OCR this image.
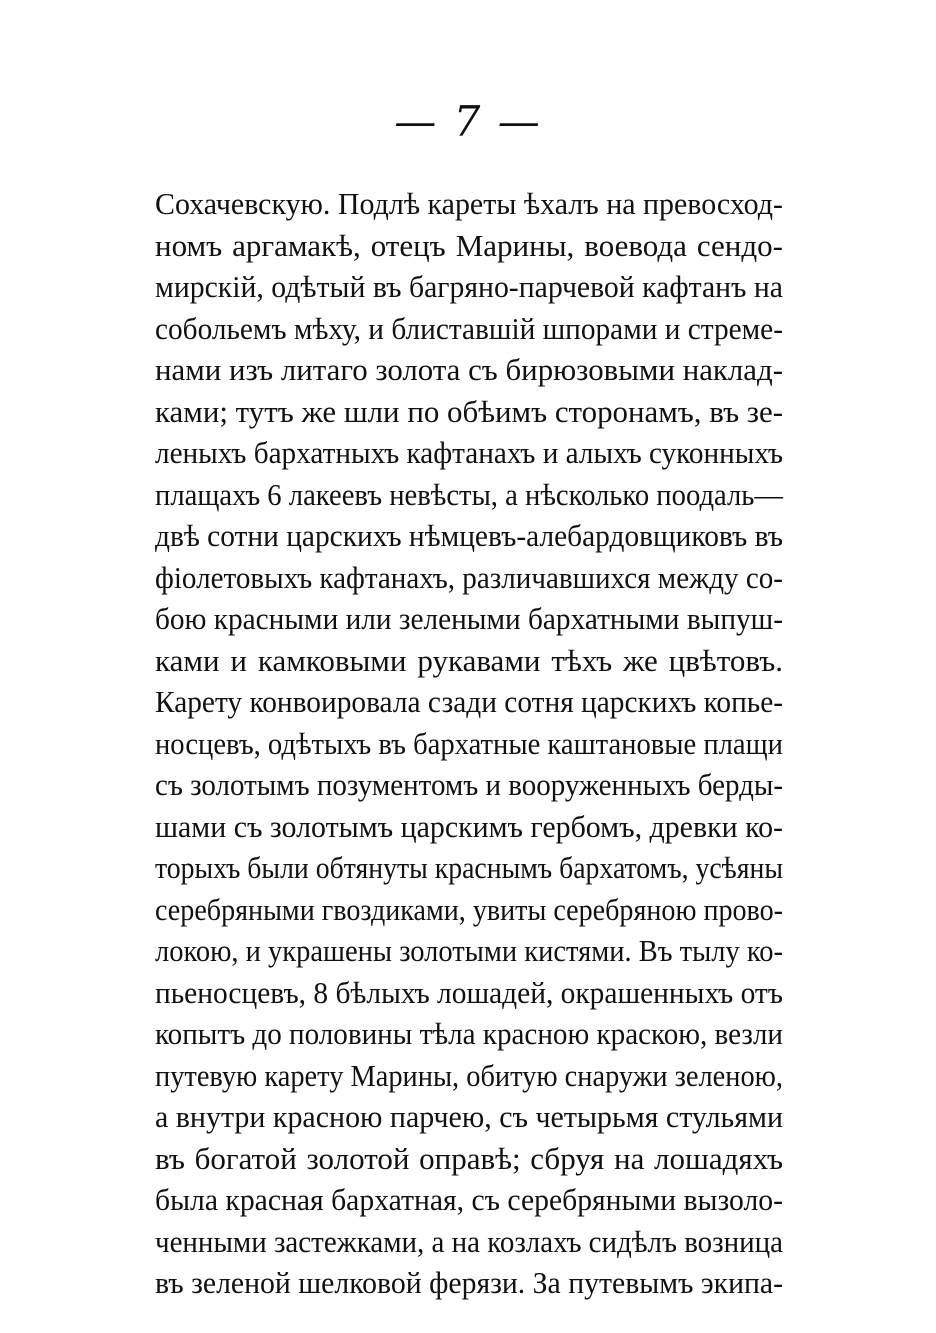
— 7 —
Сохачевскую. Подлѣ кареты ѣхалъ на превосход-
номъ аргамакѣ, отецъ Марины, воевода сендо-
мирскій, одѣтый въ багряно-парчевой кафтанъ на
собольемъ мѣху, и блиставшій шпорами и стреме-
нами изъ литаго золота съ бирюзовыми наклад-
ками; тутъ же шли по обѣимъ сторонамъ, въ зе-
леныхъ бархатныхъ кафтанахъ и алыхъ суконныхъ
плащахъ 6 лакеевъ невѣсты, а нѣсколько поодаль—
двѣ сотни царскихъ нѣмцевъ-алебардовщиковъ въ
фіолетовыхъ кафтанахъ, различавшихся между со-
бою красными или зелеными бархатными выпуш-
ками и камковыми рукавами тѣхъ же цвѣтовъ.
Карету конвоировала сзади сотня царскихъ копье-
носцевъ, одѣтыхъ въ бархатные каштановые плащи
съ золотымъ позументомъ и вооруженныхъ берды-
шами съ золотымъ царскимъ гербомъ, древки ко-
торыхъ были обтянуты краснымъ бархатомъ, усѣяны
серебряными гвоздиками, увиты серебряною прово-
локою, и украшены золотыми кистями. Въ тылу ко-
пьеносцевъ, 8 бѣлыхъ лошадей, окрашенныхъ отъ
копытъ до половины тѣла красною краскою, везли
путевую карету Марины, обитую снаружи зеленою,
а внутри красною парчею, съ четырьмя стульями
въ богатой золотой оправѣ; сбруя на лошадяхъ
была красная бархатная, съ серебряными вызоло-
ченными застежками, а на козлахъ сидѣлъ возница
въ зеленой шелковой ферязи. За путевымъ экипа-
